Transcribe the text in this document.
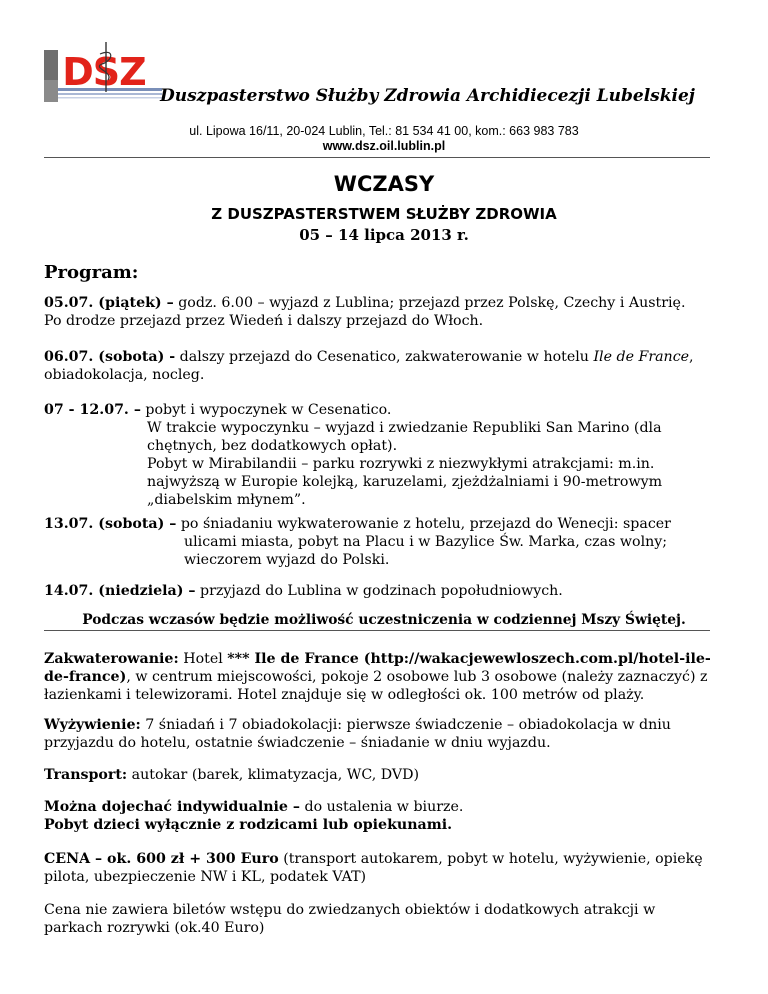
DSZ
Duszpasterstwo Służby Zdrowia Archidiecezji Lubelskiej
ul. Lipowa 16/11, 20-024 Lublin, Tel.: 81 534 41 00, kom.: 663 983 783
www.dsz.oil.lublin.pl
WCZASY
Z DUSZPASTERSTWEM SŁUŻBY ZDROWIA
05 – 14 lipca 2013 r.
Program:
05.07. (piątek) – godz. 6.00 – wyjazd z Lublina; przejazd przez Polskę, Czechy i Austrię.
Po drodze przejazd przez Wiedeń i dalszy przejazd do Włoch.
06.07. (sobota) - dalszy przejazd do Cesenatico, zakwaterowanie w hotelu Ile de France,
obiadokolacja, nocleg.
07 - 12.07. – pobyt i wypoczynek w Cesenatico.
W trakcie wypoczynku – wyjazd i zwiedzanie Republiki San Marino (dla
chętnych, bez dodatkowych opłat).
Pobyt w Mirabilandii – parku rozrywki z niezwykłymi atrakcjami: m.in.
najwyższą w Europie kolejką, karuzelami, zjeżdżalniami i 90-metrowym
„diabelskim młynem”.
13.07. (sobota) – po śniadaniu wykwaterowanie z hotelu, przejazd do Wenecji: spacer
ulicami miasta, pobyt na Placu i w Bazylice Św. Marka, czas wolny;
wieczorem wyjazd do Polski.
14.07. (niedziela) – przyjazd do Lublina w godzinach popołudniowych.
Podczas wczasów będzie możliwość uczestniczenia w codziennej Mszy Świętej.
Zakwaterowanie: Hotel *** Ile de France (http://wakacjewewloszech.com.pl/hotel-ile-
de-france), w centrum miejscowości, pokoje 2 osobowe lub 3 osobowe (należy zaznaczyć) z
łazienkami i telewizorami. Hotel znajduje się w odległości ok. 100 metrów od plaży.
Wyżywienie: 7 śniadań i 7 obiadokolacji: pierwsze świadczenie – obiadokolacja w dniu
przyjazdu do hotelu, ostatnie świadczenie – śniadanie w dniu wyjazdu.
Transport: autokar (barek, klimatyzacja, WC, DVD)
Można dojechać indywidualnie – do ustalenia w biurze.
Pobyt dzieci wyłącznie z rodzicami lub opiekunami.
CENA – ok. 600 zł + 300 Euro (transport autokarem, pobyt w hotelu, wyżywienie, opiekę
pilota, ubezpieczenie NW i KL, podatek VAT)
Cena nie zawiera biletów wstępu do zwiedzanych obiektów i dodatkowych atrakcji w
parkach rozrywki (ok.40 Euro)
